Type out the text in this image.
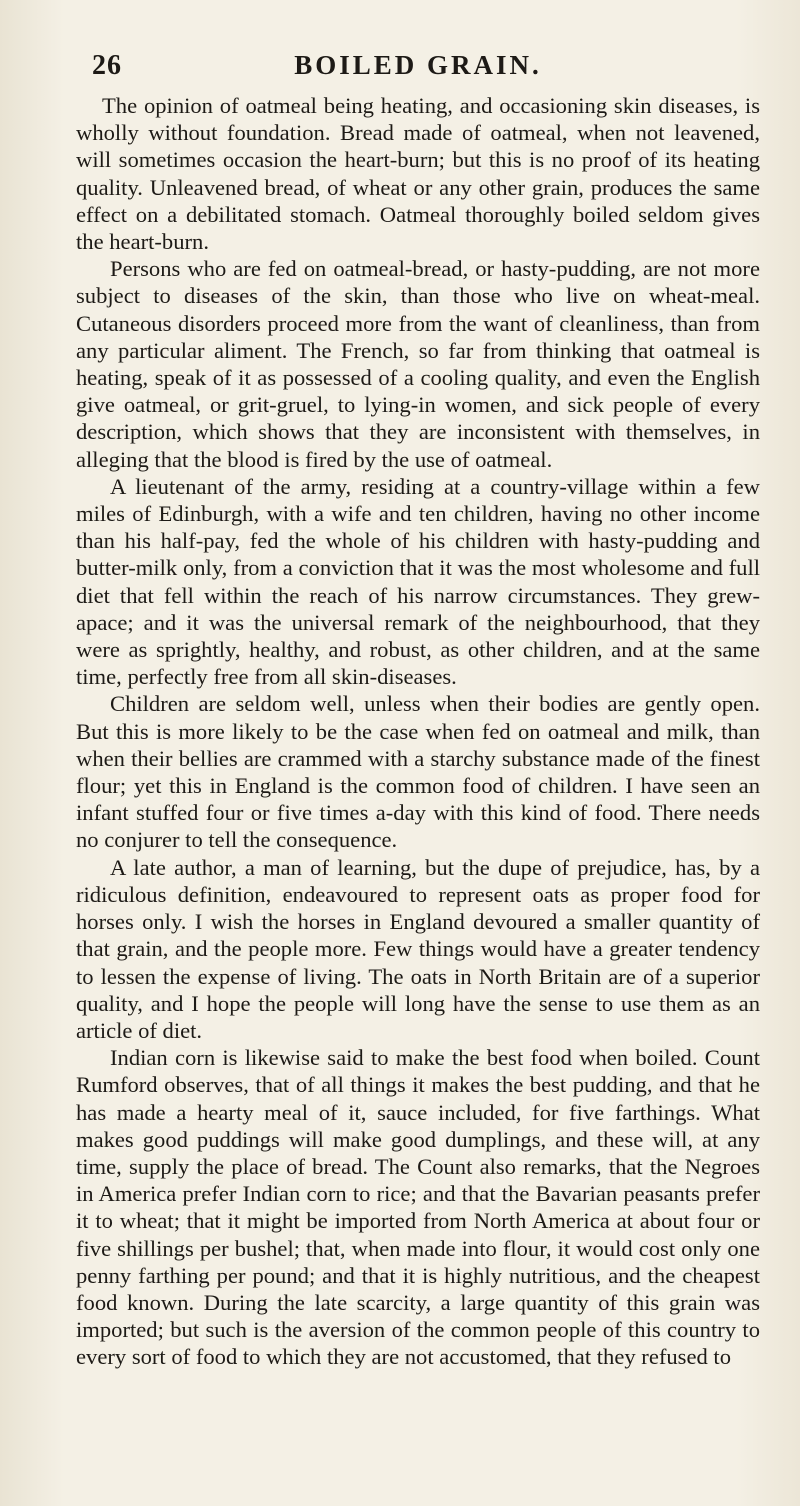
26	BOILED GRAIN.

The opinion of oatmeal being heating, and occasioning skin diseases, is wholly without foundation. Bread made of oatmeal, when not leavened, will sometimes occasion the heart-burn; but this is no proof of its heating quality. Unleavened bread, of wheat or any other grain, produces the same effect on a debilitated stomach. Oatmeal thoroughly boiled seldom gives the heart-burn.

Persons who are fed on oatmeal-bread, or hasty-pudding, are not more subject to diseases of the skin, than those who live on wheat-meal. Cutaneous disorders proceed more from the want of cleanliness, than from any particular aliment. The French, so far from thinking that oatmeal is heating, speak of it as possessed of a cooling quality, and even the English give oatmeal, or grit-gruel, to lying-in women, and sick people of every description, which shows that they are inconsistent with themselves, in alleging that the blood is fired by the use of oatmeal.

A lieutenant of the army, residing at a country-village within a few miles of Edinburgh, with a wife and ten children, having no other income than his half-pay, fed the whole of his children with hasty-pudding and butter-milk only, from a conviction that it was the most wholesome and full diet that fell within the reach of his narrow circumstances. They grew-apace; and it was the universal remark of the neighbourhood, that they were as sprightly, healthy, and robust, as other children, and at the same time, perfectly free from all skin-diseases.

Children are seldom well, unless when their bodies are gently open. But this is more likely to be the case when fed on oatmeal and milk, than when their bellies are crammed with a starchy substance made of the finest flour; yet this in England is the common food of children. I have seen an infant stuffed four or five times a-day with this kind of food. There needs no conjurer to tell the consequence.

A late author, a man of learning, but the dupe of prejudice, has, by a ridiculous definition, endeavoured to represent oats as proper food for horses only. I wish the horses in England devoured a smaller quantity of that grain, and the people more. Few things would have a greater tendency to lessen the expense of living. The oats in North Britain are of a superior quality, and I hope the people will long have the sense to use them as an article of diet.

Indian corn is likewise said to make the best food when boiled. Count Rumford observes, that of all things it makes the best pudding, and that he has made a hearty meal of it, sauce included, for five farthings. What makes good puddings will make good dumplings, and these will, at any time, supply the place of bread. The Count also remarks, that the Negroes in America prefer Indian corn to rice; and that the Bavarian peasants prefer it to wheat; that it might be imported from North America at about four or five shillings per bushel; that, when made into flour, it would cost only one penny farthing per pound; and that it is highly nutritious, and the cheapest food known. During the late scarcity, a large quantity of this grain was imported; but such is the aversion of the common people of this country to every sort of food to which they are not accustomed, that they refused to
